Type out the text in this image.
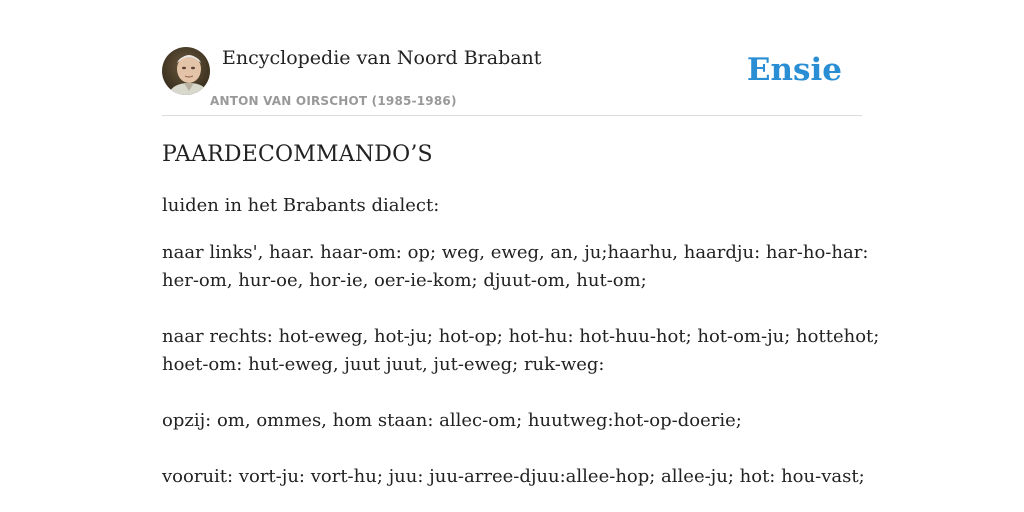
Encyclopedie van Noord Brabant
ANTON VAN OIRSCHOT (1985-1986)
Ensie
PAARDECOMMANDO’S

luiden in het Brabants dialect:

naar links', haar. haar-om: op; weg, eweg, an, ju;haarhu, haardju: har-ho-har:
her-om, hur-oe, hor-ie, oer-ie-kom; djuut-om, hut-om;

naar rechts: hot-eweg, hot-ju; hot-op; hot-hu: hot-huu-hot; hot-om-ju; hottehot;
hoet-om: hut-eweg, juut juut, jut-eweg; ruk-weg:

opzij: om, ommes, hom staan: allec-om; huutweg:hot-op-doerie;

vooruit: vort-ju: vort-hu; juu: juu-arree-djuu:allee-hop; allee-ju; hot: hou-vast;
